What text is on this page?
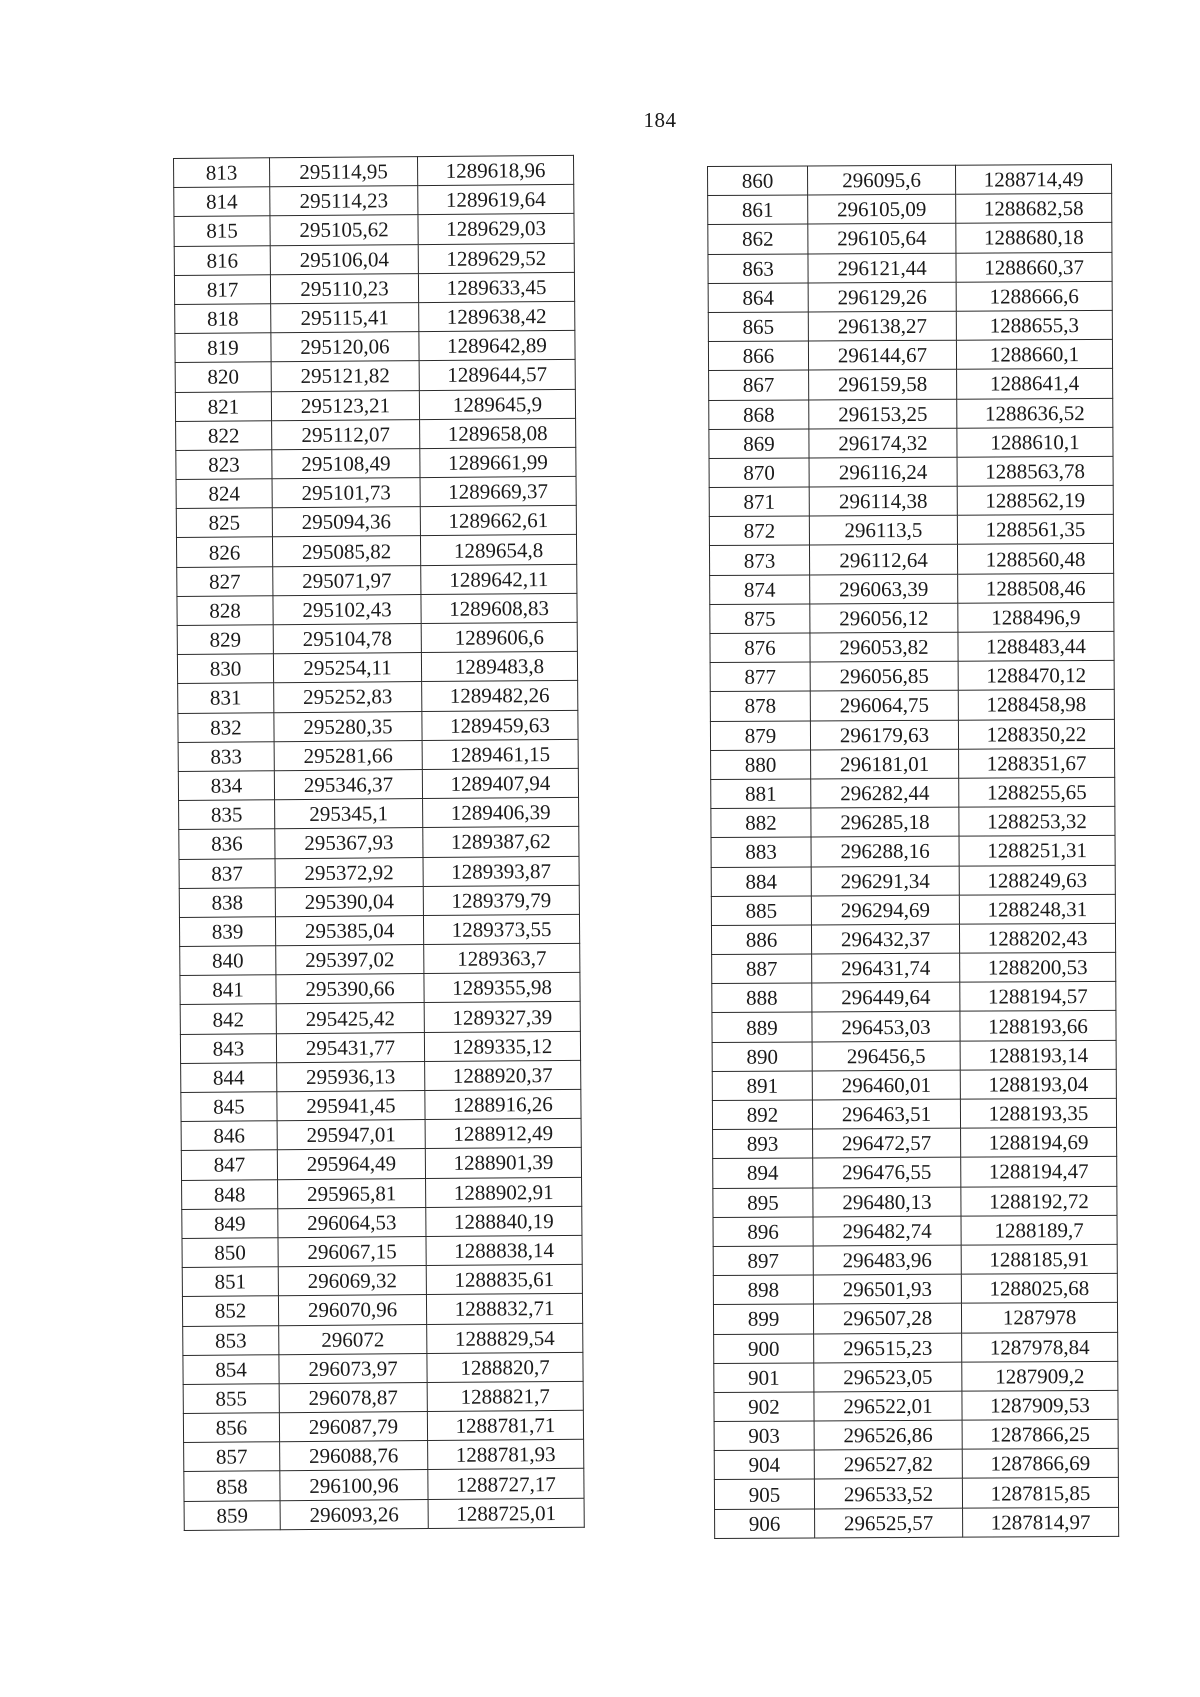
184
813	295114,95	1289618,96
814	295114,23	1289619,64
815	295105,62	1289629,03
816	295106,04	1289629,52
817	295110,23	1289633,45
818	295115,41	1289638,42
819	295120,06	1289642,89
820	295121,82	1289644,57
821	295123,21	1289645,9
822	295112,07	1289658,08
823	295108,49	1289661,99
824	295101,73	1289669,37
825	295094,36	1289662,61
826	295085,82	1289654,8
827	295071,97	1289642,11
828	295102,43	1289608,83
829	295104,78	1289606,6
830	295254,11	1289483,8
831	295252,83	1289482,26
832	295280,35	1289459,63
833	295281,66	1289461,15
834	295346,37	1289407,94
835	295345,1	1289406,39
836	295367,93	1289387,62
837	295372,92	1289393,87
838	295390,04	1289379,79
839	295385,04	1289373,55
840	295397,02	1289363,7
841	295390,66	1289355,98
842	295425,42	1289327,39
843	295431,77	1289335,12
844	295936,13	1288920,37
845	295941,45	1288916,26
846	295947,01	1288912,49
847	295964,49	1288901,39
848	295965,81	1288902,91
849	296064,53	1288840,19
850	296067,15	1288838,14
851	296069,32	1288835,61
852	296070,96	1288832,71
853	296072	1288829,54
854	296073,97	1288820,7
855	296078,87	1288821,7
856	296087,79	1288781,71
857	296088,76	1288781,93
858	296100,96	1288727,17
859	296093,26	1288725,01
860	296095,6	1288714,49
861	296105,09	1288682,58
862	296105,64	1288680,18
863	296121,44	1288660,37
864	296129,26	1288666,6
865	296138,27	1288655,3
866	296144,67	1288660,1
867	296159,58	1288641,4
868	296153,25	1288636,52
869	296174,32	1288610,1
870	296116,24	1288563,78
871	296114,38	1288562,19
872	296113,5	1288561,35
873	296112,64	1288560,48
874	296063,39	1288508,46
875	296056,12	1288496,9
876	296053,82	1288483,44
877	296056,85	1288470,12
878	296064,75	1288458,98
879	296179,63	1288350,22
880	296181,01	1288351,67
881	296282,44	1288255,65
882	296285,18	1288253,32
883	296288,16	1288251,31
884	296291,34	1288249,63
885	296294,69	1288248,31
886	296432,37	1288202,43
887	296431,74	1288200,53
888	296449,64	1288194,57
889	296453,03	1288193,66
890	296456,5	1288193,14
891	296460,01	1288193,04
892	296463,51	1288193,35
893	296472,57	1288194,69
894	296476,55	1288194,47
895	296480,13	1288192,72
896	296482,74	1288189,7
897	296483,96	1288185,91
898	296501,93	1288025,68
899	296507,28	1287978
900	296515,23	1287978,84
901	296523,05	1287909,2
902	296522,01	1287909,53
903	296526,86	1287866,25
904	296527,82	1287866,69
905	296533,52	1287815,85
906	296525,57	1287814,97
